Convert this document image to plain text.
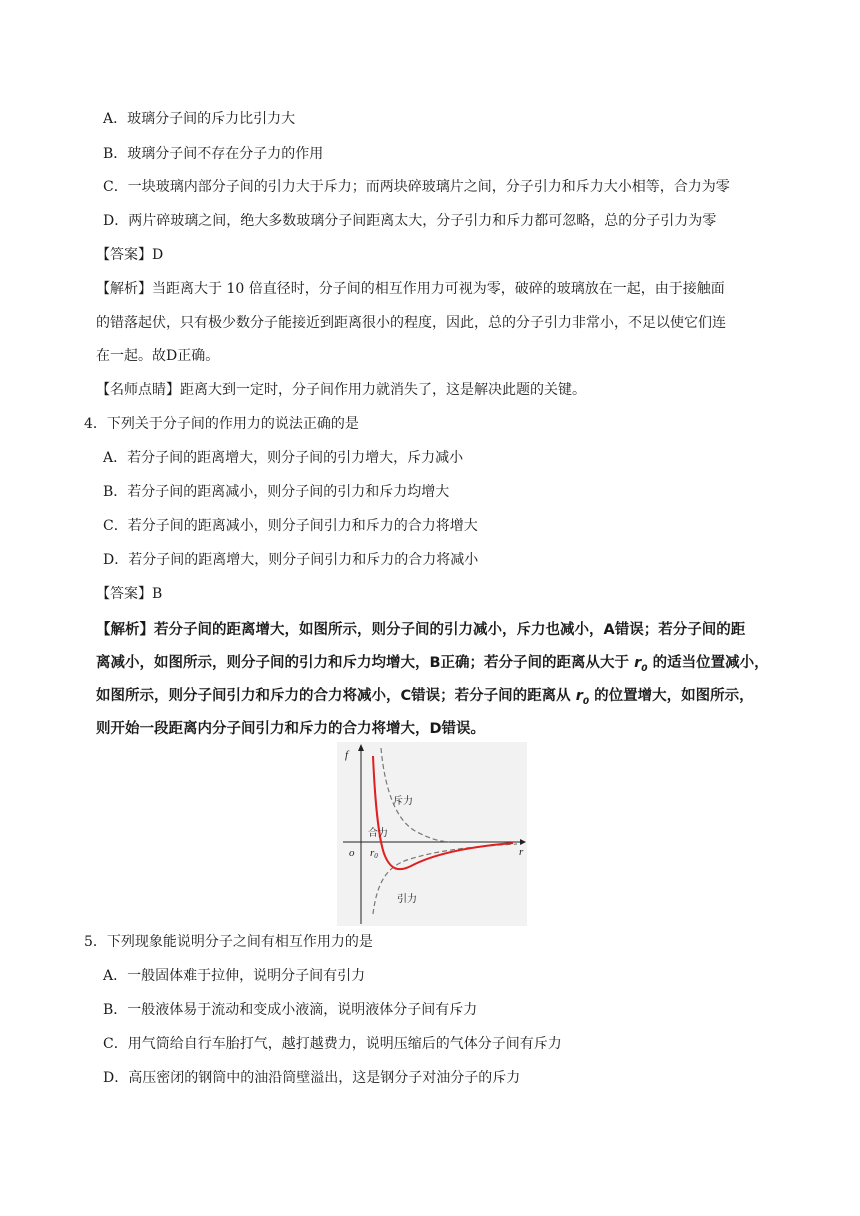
A．玻璃分子间的斥力比引力大
B．玻璃分子间不存在分子力的作用
C．一块玻璃内部分子间的引力大于斥力；而两块碎玻璃片之间，分子引力和斥力大小相等，合力为零
D．两片碎玻璃之间，绝大多数玻璃分子间距离太大，分子引力和斥力都可忽略，总的分子引力为零
【答案】D
【解析】当距离大于 10 倍直径时，分子间的相互作用力可视为零，破碎的玻璃放在一起，由于接触面
的错落起伏，只有极少数分子能接近到距离很小的程度，因此，总的分子引力非常小，不足以使它们连
在一起。故D正确。
【名师点睛】距离大到一定时，分子间作用力就消失了，这是解决此题的关键。
4．下列关于分子间的作用力的说法正确的是
A．若分子间的距离增大，则分子间的引力增大，斥力减小
B．若分子间的距离减小，则分子间的引力和斥力均增大
C．若分子间的距离减小，则分子间引力和斥力的合力将增大
D．若分子间的距离增大，则分子间引力和斥力的合力将减小
【答案】B
【解析】若分子间的距离增大，如图所示，则分子间的引力减小，斥力也减小，A错误；若分子间的距
离减小，如图所示，则分子间的引力和斥力均增大，B正确；若分子间的距离从大于 $r_0$ 的适当位置减小，
如图所示，则分子间引力和斥力的合力将减小，C错误；若分子间的距离从 $r_0$ 的位置增大，如图所示，
则开始一段距离内分子间引力和斥力的合力将增大，D错误。
f
r
o r0
斥力
合力
引力
5．下列现象能说明分子之间有相互作用力的是
A．一般固体难于拉伸，说明分子间有引力
B．一般液体易于流动和变成小液滴，说明液体分子间有斥力
C．用气筒给自行车胎打气，越打越费力，说明压缩后的气体分子间有斥力
D．高压密闭的钢筒中的油沿筒壁溢出，这是钢分子对油分子的斥力
